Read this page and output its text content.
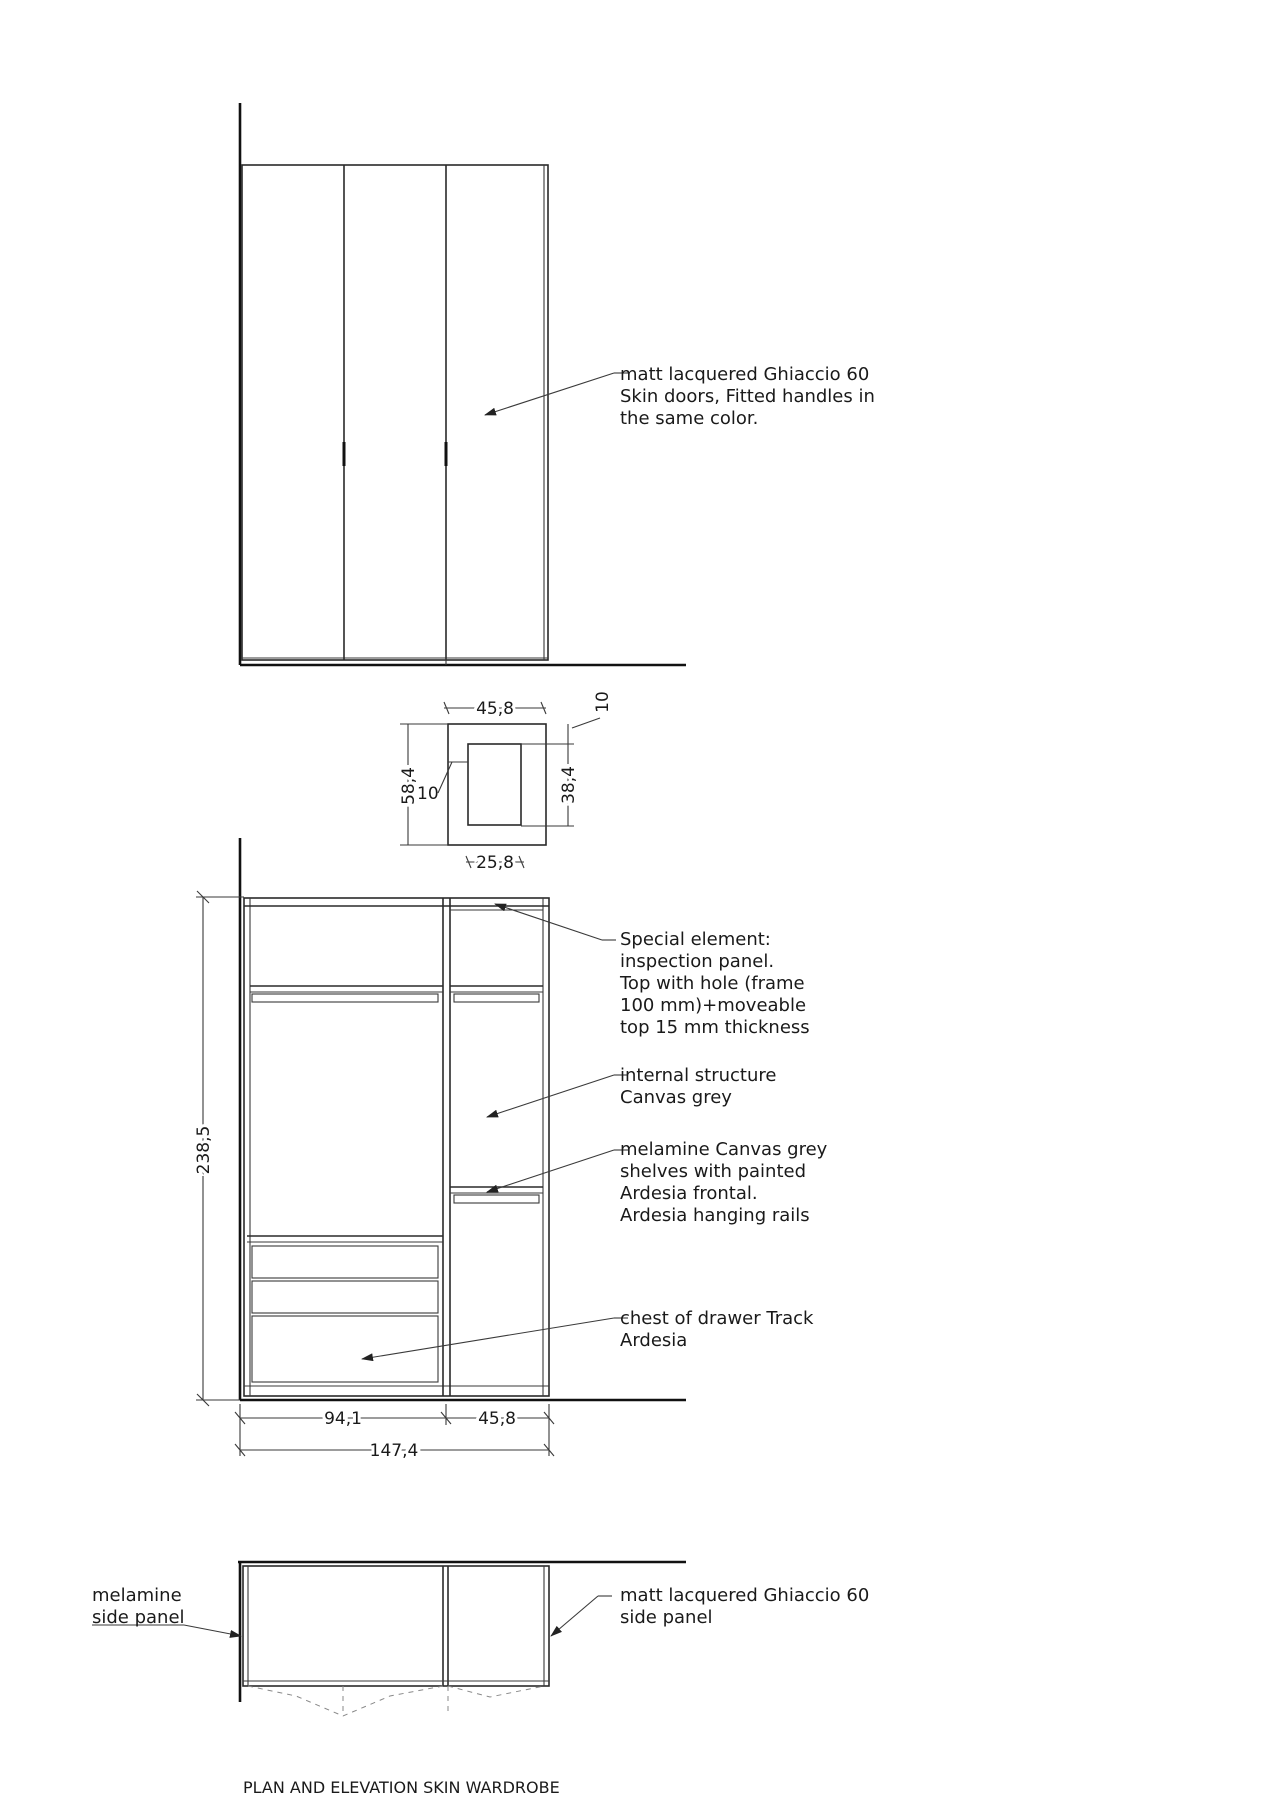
matt lacquered Ghiaccio 60 Skin doors, Fitted handles in the same color.
45,8
58,4
10	38,4
10
25,8
238,5
94,1	45,8
147,4
Special element: inspection panel. Top with hole (frame 100 mm)+moveable top 15 mm thickness
internal structure Canvas grey
melamine Canvas grey shelves with painted Ardesia frontal. Ardesia hanging rails
chest of drawer Track Ardesia
melamine side panel
matt lacquered Ghiaccio 60 side panel
PLAN AND ELEVATION SKIN WARDROBE
